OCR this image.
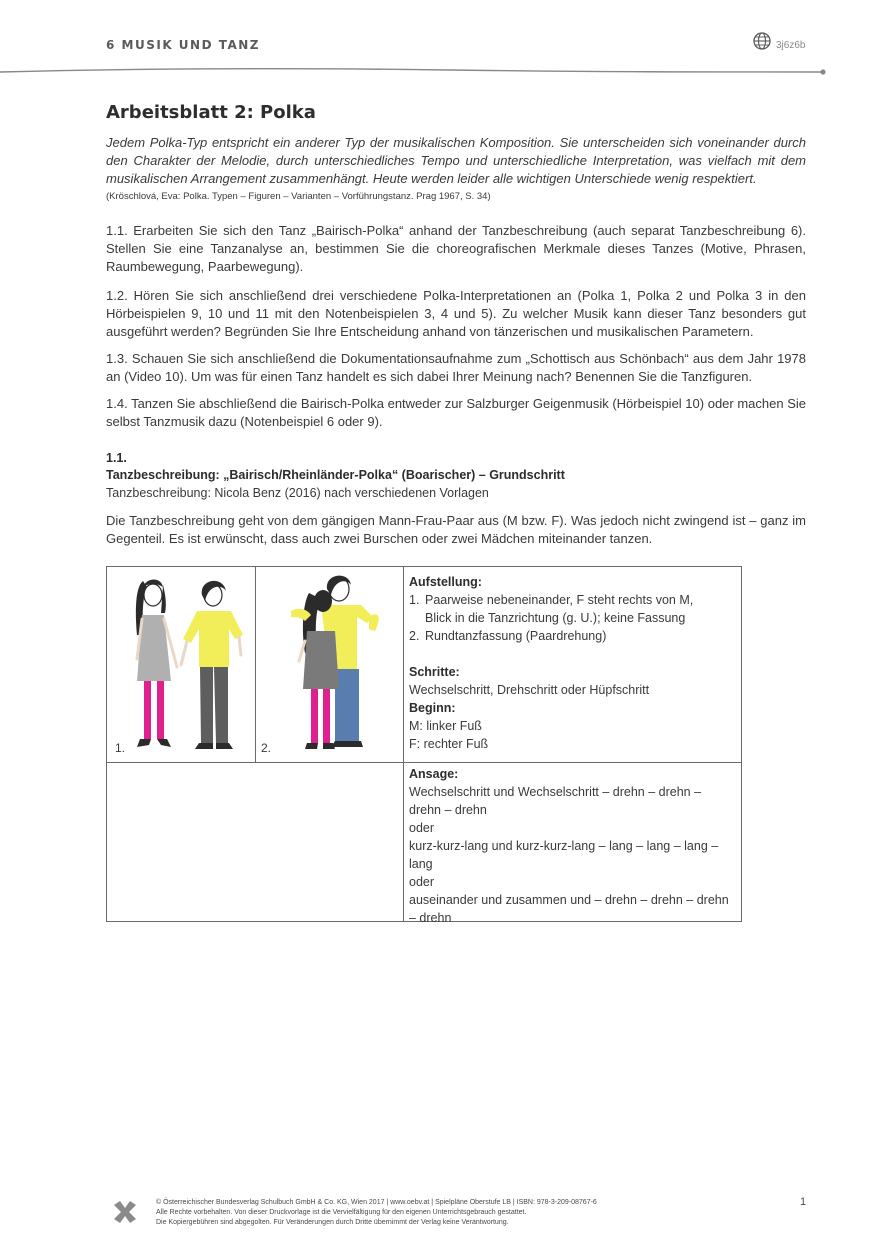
6 MUSIK UND TANZ	3j6z6b
Arbeitsblatt 2: Polka

Jedem Polka-Typ entspricht ein anderer Typ der musikalischen Komposition. Sie unterscheiden sich voneinander durch den Charakter der Melodie, durch unterschiedliches Tempo und unterschiedliche Interpretation, was vielfach mit dem musikalischen Arrangement zusammenhängt. Heute werden leider alle wichtigen Unterschiede wenig respektiert.

(Kröschlová, Eva: Polka. Typen – Figuren – Varianten – Vorführungstanz. Prag 1967, S. 34)

1.1. Erarbeiten Sie sich den Tanz „Bairisch-Polka“ anhand der Tanzbeschreibung (auch separat Tanzbeschreibung 6). Stellen Sie eine Tanzanalyse an, bestimmen Sie die choreografischen Merkmale dieses Tanzes (Motive, Phrasen, Raumbewegung, Paarbewegung).

1.2. Hören Sie sich anschließend drei verschiedene Polka-Interpretationen an (Polka 1, Polka 2 und Polka 3 in den Hörbeispielen 9, 10 und 11 mit den Notenbeispielen 3, 4 und 5). Zu welcher Musik kann dieser Tanz besonders gut ausgeführt werden? Begründen Sie Ihre Entscheidung anhand von tänzerischen und musikalischen Parametern.

1.3. Schauen Sie sich anschließend die Dokumentationsaufnahme zum „Schottisch aus Schönbach“ aus dem Jahr 1978 an (Video 10). Um was für einen Tanz handelt es sich dabei Ihrer Meinung nach? Benennen Sie die Tanzfiguren.

1.4. Tanzen Sie abschließend die Bairisch-Polka entweder zur Salzburger Geigenmusik (Hörbeispiel 10) oder machen Sie selbst Tanzmusik dazu (Notenbeispiel 6 oder 9).

1.1.
Tanzbeschreibung: „Bairisch/Rheinländer-Polka“ (Boarischer) – Grundschritt
Tanzbeschreibung: Nicola Benz (2016) nach verschiedenen Vorlagen

Die Tanzbeschreibung geht von dem gängigen Mann-Frau-Paar aus (M bzw. F). Was jedoch nicht zwingend ist – ganz im Gegenteil. Es ist erwünscht, dass auch zwei Burschen oder zwei Mädchen miteinander tanzen.

1.	2.
Aufstellung:
1. Paarweise nebeneinander, F steht rechts von M,
Blick in die Tanzrichtung (g. U.); keine Fassung
2. Rundtanzfassung (Paardrehung)
Schritte:
Wechselschritt, Drehschritt oder Hüpfschritt
Beginn:
M: linker Fuß
F: rechter Fuß
Ansage:
Wechselschritt und Wechselschritt – drehn – drehn –
drehn – drehn
oder
kurz-kurz-lang und kurz-kurz-lang – lang – lang – lang –
lang
oder
auseinander und zusammen und – drehn – drehn – drehn
– drehn
© Österreichischer Bundesverlag Schulbuch GmbH & Co. KG, Wien 2017 | www.oebv.at | Spielpläne Oberstufe LB | ISBN: 978-3-209-08767-6
Alle Rechte vorbehalten. Von dieser Druckvorlage ist die Vervielfältigung für den eigenen Unterrichtsgebrauch gestattet.
Die Kopiergebühren sind abgegolten. Für Veränderungen durch Dritte übernimmt der Verlag keine Verantwortung.
1
